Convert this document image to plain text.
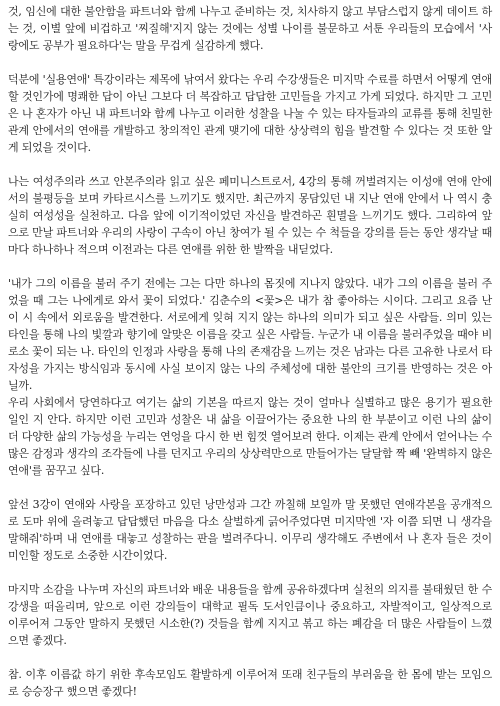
것, 임신에 대한 불안함을 파트너와 함께 나누고 준비하는 것, 치사하지 않고 부담스럽지 않게 데이트 하는 것, 이별 앞에 비겁하고 '찌질해'지지 않는 것에는 성별 나이를 불문하고 서툰 우리들의 모습에서 '사랑에도 공부가 필요하다'는 말을 무겁게 실감하게 했다.

덕분에 '실용연애' 특강이라는 제목에 낚여서 왔다는 우리 수강생들은 미지막 수료를 하면서 어떻게 연애할 것인가에 명쾌한 답이 아닌 그보다 더 복잡하고 답답한 고민들을 가지고 가게 되었다. 하지만 그 고민은 나 혼자가 아닌 내 파트너와 함께 나누고 이러한 성찰을 나눌 수 있는 타자들과의 교류를 통해 친밀한 관계 안에서의 연애를 개발하고 창의적인 관계 맺기에 대한 상상력의 힘을 발견할 수 있다는 것 또한 알게 되었을 것이다.

나는 여성주의라 쓰고 안본주의라 읽고 싶은 페미니스트로서, 4강의 통해 꺼벌려지는 이성애 연애 안에서의 불평등을 보며 카타르시스를 느끼기도 했지만. 최근까지 몽담있던 내 지난 연애 안에서 나 역시 충실히 여성성을 실천하고. 다음 앞에 이기적이었던 자신을 발견하곤 흰멸을 느끼기도 했다. 그리하여 앞으로 만날 파트너와 우리의 사랑이 구속이 아닌 창여가 될 수 있는 수 척들을 강의를 듣는 동안 생각날 때마다 하나하나 적으며 이전과는 다른 연애를 위한 한 발짝을 내딛었다.

'내가 그의 이름을 불러 주기 전에는 그는 다만 하나의 몸짓에 지나지 않았다. 내가 그의 이름을 불러 주었을 때 그는 나에게로 와서 꽃이 되었다.' 김춘수의 <꽃>은 내가 참 좋아하는 시이다. 그리고 요즘 난 이 시 속에서 외로움을 발견한다. 서로에게 잊혀 지지 않는 하나의 의미가 되고 싶은 사람들. 의미 있는 타인을 통해 나의 빛깔과 향기에 알맞은 이름을 갖고 싶은 사람들. 누군가 내 이름을 불러주었을 때야 비로소 꽃이 되는 나. 타인의 인정과 사랑을 통해 나의 존재감을 느끼는 것은 남과는 다른 고유한 나로서 타자성을 가지는 방식임과 동시에 사실 보이지 않는 나의 주체성에 대한 불안의 크기를 반영하는 것은 아닐까.

우리 사회에서 당연하다고 여기는 삶의 기본을 따르지 않는 것이 얼마나 실별하고 많은 용기가 필요한 일인 지 안다. 하지만 이런 고민과 성찰은 내 삶을 이끌어가는 중요한 나의 한 부분이고 이런 나의 삶이 더 다양한 삶의 가능성을 누리는 연엉을 다시 한 번 힘껏 열어보려 한다. 이제는 관계 안에서 얻어나는 수많은 감정과 생각의 조각들에 나를 던지고 우리의 상상력만으로 만들어가는 달달함 짝 빼 '완벽하지 않은 연애'를 꿈꾸고 싶다.

앞선 3강이 연애와 사랑을 포장하고 있던 낭만성과 그간 까칠해 보일까 말 못했던 연애각본을 공개적으로 도마 위에 올려놓고 답답했던 마음을 다소 살벌하게 긁어주었다면 미지막엔 '자 이쯤 되면 니 생각을 말해줘'하며 내 연애를 대놓고 성찰하는 판을 벌려주다니. 이무리 생각해도 주변에서 나 혼자 들은 것이 미인할 정도로 소중한 시간이었다.

마지막 소감을 나누며 자신의 파트너와 배운 내용들을 함께 공유하겠다며 실천의 의지를 불태웠던 한 수강생을 떠올리며, 앞으로 이런 강의들이 대학교 필독 도서인큼이나 중요하고, 자발적이고, 일상적으로 이루어져 그동안 말하지 못했던 시소한(?) 것들을 함께 지지고 볶고 하는 폐감을 더 많은 사람들이 느꼈으면 좋겠다.

참. 이후 이름값 하기 위한 후속모임도 활발하게 이루어져 또래 친구들의 부러움을 한 몸에 받는 모임으로 승승장구 했으면 좋겠다!
